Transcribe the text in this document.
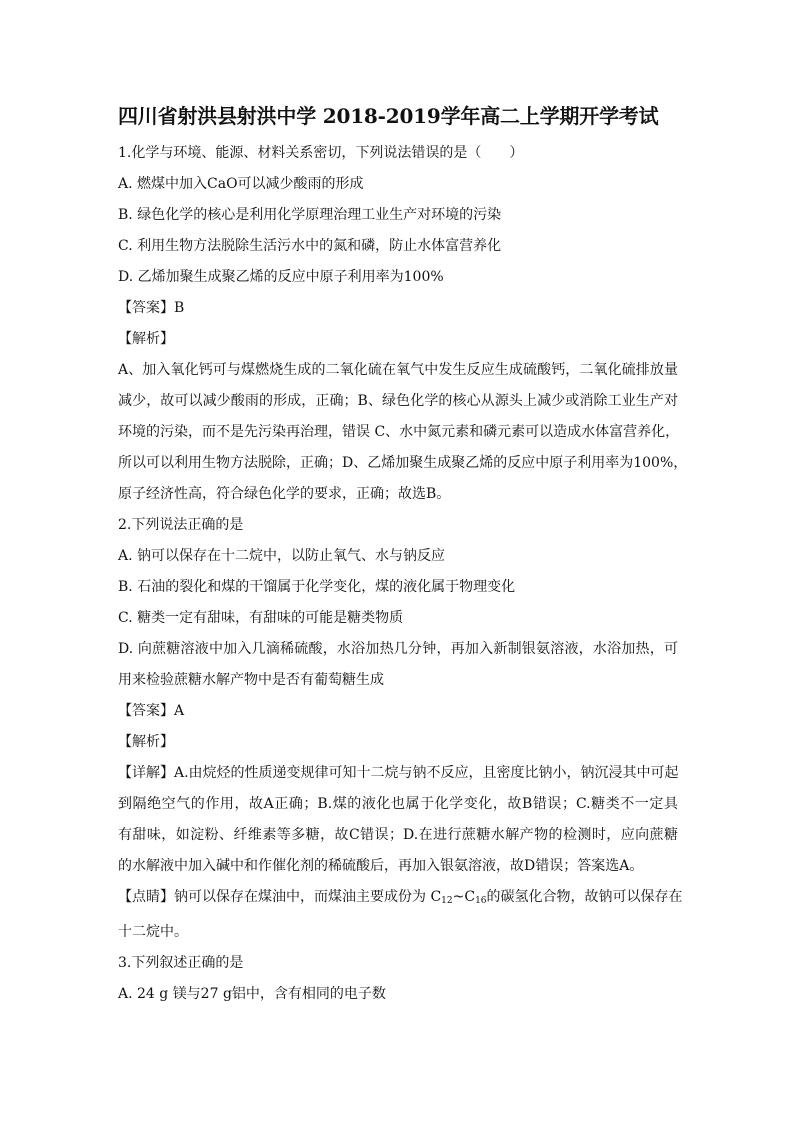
四川省射洪县射洪中学 2018-2019学年高二上学期开学考试
1.化学与环境、能源、材料关系密切，下列说法错误的是（　　）
A. 燃煤中加入CaO可以减少酸雨的形成
B. 绿色化学的核心是利用化学原理治理工业生产对环境的污染
C. 利用生物方法脱除生活污水中的氮和磷，防止水体富营养化
D. 乙烯加聚生成聚乙烯的反应中原子利用率为100%
【答案】B
【解析】
A、加入氧化钙可与煤燃烧生成的二氧化硫在氧气中发生反应生成硫酸钙，二氧化硫排放量
减少，故可以减少酸雨的形成，正确；B、绿色化学的核心从源头上减少或消除工业生产对
环境的污染，而不是先污染再治理，错误 C、水中氮元素和磷元素可以造成水体富营养化，
所以可以利用生物方法脱除，正确；D、乙烯加聚生成聚乙烯的反应中原子利用率为100%，
原子经济性高，符合绿色化学的要求，正确；故选B。
2.下列说法正确的是
A. 钠可以保存在十二烷中，以防止氧气、水与钠反应
B. 石油的裂化和煤的干馏属于化学变化，煤的液化属于物理变化
C. 糖类一定有甜味，有甜味的可能是糖类物质
D. 向蔗糖溶液中加入几滴稀硫酸，水浴加热几分钟，再加入新制银氨溶液，水浴加热，可
用来检验蔗糖水解产物中是否有葡萄糖生成
【答案】A
【解析】
【详解】A.由烷烃的性质递变规律可知十二烷与钠不反应，且密度比钠小，钠沉浸其中可起
到隔绝空气的作用，故A正确；B.煤的液化也属于化学变化，故B错误；C.糖类不一定具
有甜味，如淀粉、纤维素等多糖，故C错误；D.在进行蔗糖水解产物的检测时，应向蔗糖
的水解液中加入碱中和作催化剂的稀硫酸后，再加入银氨溶液，故D错误；答案选A。
【点睛】钠可以保存在煤油中，而煤油主要成份为 $C_{12}\sim C_{16}$的碳氢化合物，故钠可以保存在
十二烷中。
3.下列叙述正确的是
A. 24 g 镁与27 g铝中，含有相同的电子数
